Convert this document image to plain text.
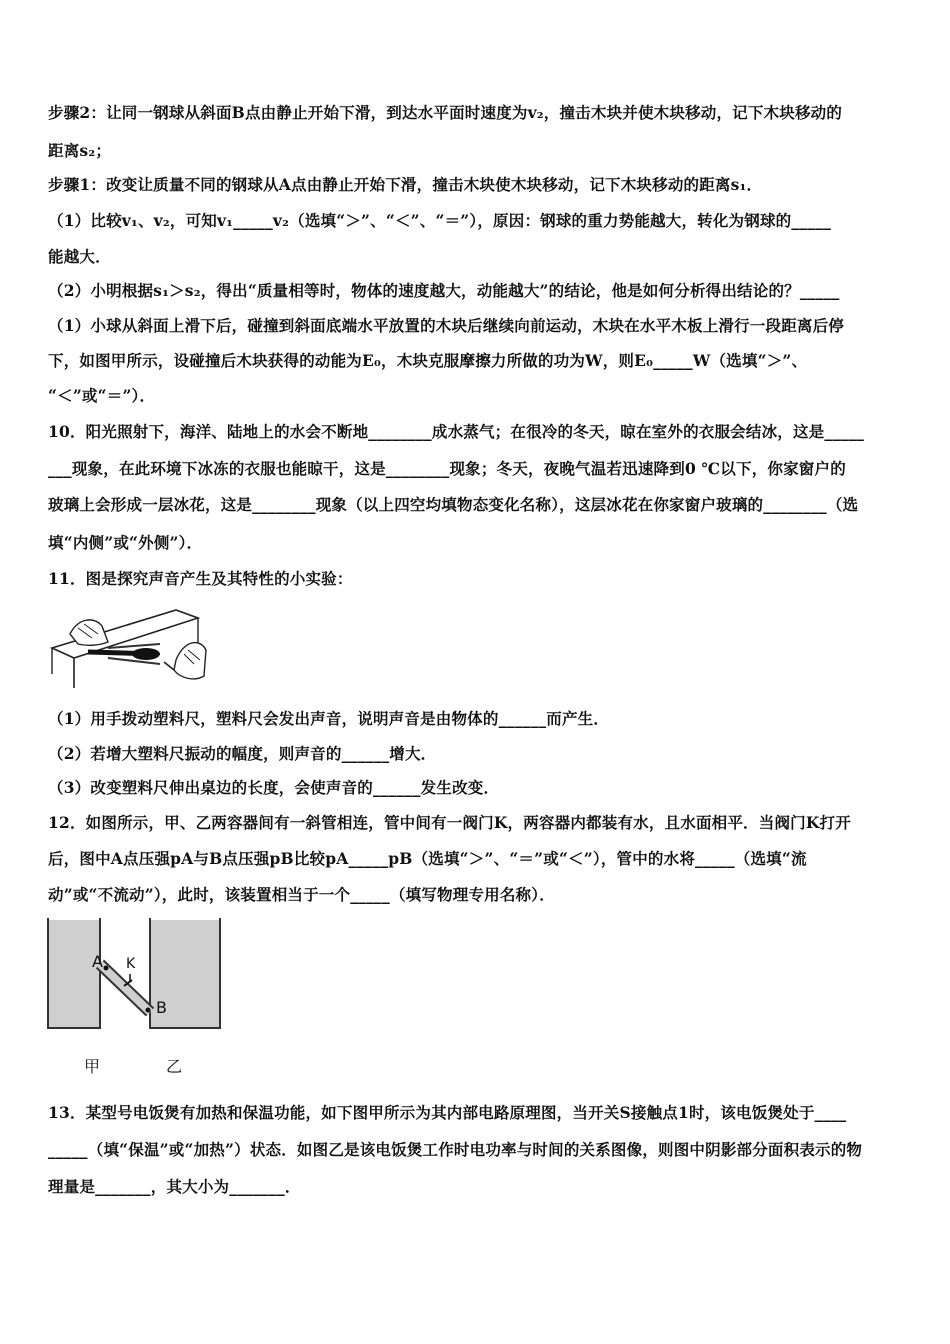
步骤2：让同一钢球从斜面B点由静止开始下滑，到达水平面时速度为v₂，撞击木块并使木块移动，记下木块移动的
距离s₂；
步骤1：改变让质量不同的钢球从A点由静止开始下滑，撞击木块使木块移动，记下木块移动的距离s₁．
（1）比较v₁、v₂，可知v₁_____v₂（选填“＞”、“＜”、“＝”），原因：钢球的重力势能越大，转化为钢球的_____
能越大．
（2）小明根据s₁＞s₂，得出“质量相等时，物体的速度越大，动能越大”的结论，他是如何分析得出结论的？_____
（1）小球从斜面上滑下后，碰撞到斜面底端水平放置的木块后继续向前运动，木块在水平木板上滑行一段距离后停
下，如图甲所示，设碰撞后木块获得的动能为E₀，木块克服摩擦力所做的功为W，则E₀_____W（选填“＞”、
“＜”或“＝”）．
10．阳光照射下，海洋、陆地上的水会不断地________成水蒸气；在很冷的冬天，晾在室外的衣服会结冰，这是_____
___现象，在此环境下冰冻的衣服也能晾干，这是________现象；冬天，夜晚气温若迅速降到0 ℃以下，你家窗户的
玻璃上会形成一层冰花，这是________现象（以上四空均填物态变化名称），这层冰花在你家窗户玻璃的________（选
填“内侧”或“外侧”）．
11．图是探究声音产生及其特性的小实验：
（1）用手拨动塑料尺，塑料尺会发出声音，说明声音是由物体的______而产生．
（2）若增大塑料尺振动的幅度，则声音的______增大．
（3）改变塑料尺伸出桌边的长度，会使声音的______发生改变．
12．如图所示，甲、乙两容器间有一斜管相连，管中间有一阀门K，两容器内都装有水，且水面相平．当阀门K打开
后，图中A点压强pA与B点压强pB比较pA_____pB（选填“＞”、“＝”或“＜”），管中的水将_____（选填“流
动”或“不流动”），此时，该装置相当于一个_____（填写物理专用名称）．
A K
B
甲	乙
13．某型号电饭煲有加热和保温功能，如下图甲所示为其内部电路原理图，当开关S接触点1时，该电饭煲处于____
_____（填“保温”或“加热”）状态．如图乙是该电饭煲工作时电功率与时间的关系图像，则图中阴影部分面积表示的物
理量是_______，其大小为_______．
